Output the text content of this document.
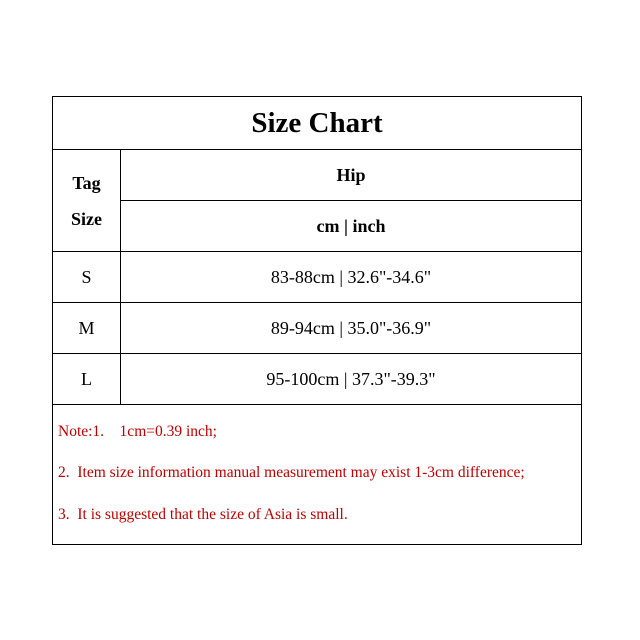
Size Chart
Tag
Size
Hip
cm | inch
S	83-88cm | 32.6"-34.6"
M	89-94cm | 35.0"-36.9"
L	95-100cm | 37.3"-39.3"
Note:1.    1cm=0.39 inch;
2.  Item size information manual measurement may exist 1-3cm difference;
3.  It is suggested that the size of Asia is small.
